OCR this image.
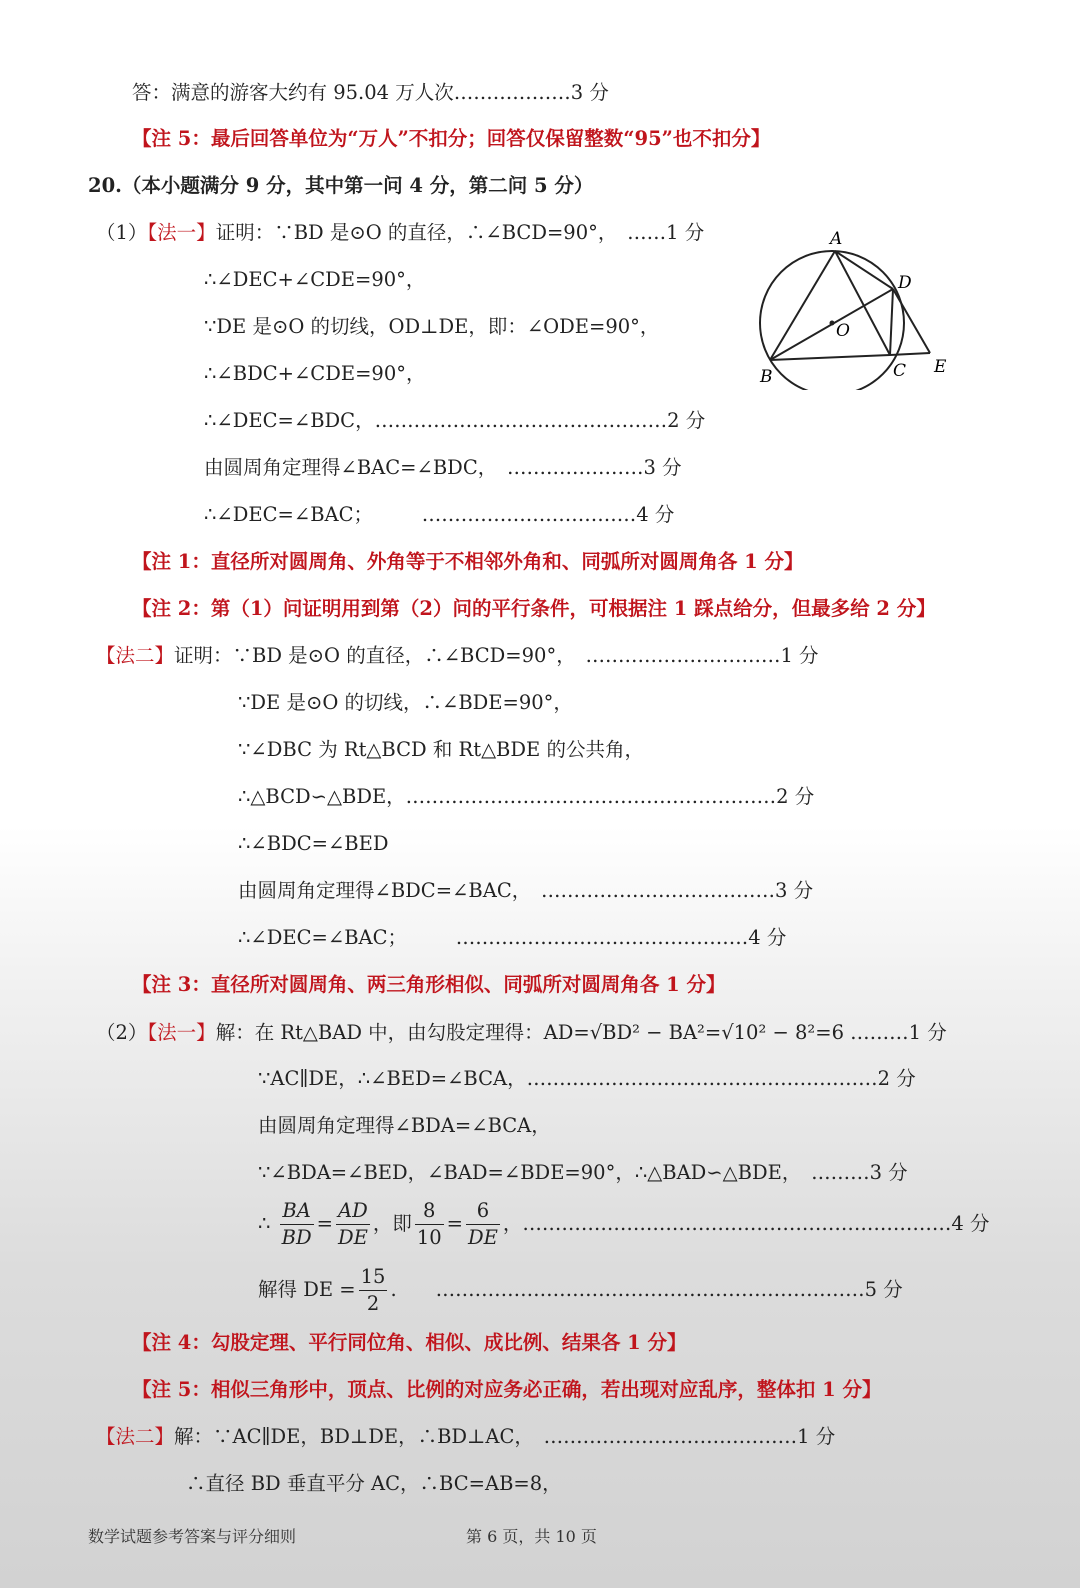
答：满意的游客大约有 95.04 万人次………………3 分
【注 5：最后回答单位为“万人”不扣分；回答仅保留整数“95”也不扣分】
20.（本小题满分 9 分，其中第一问 4 分，第二问 5 分）
（1）【法一】证明：∵BD 是⊙O 的直径，∴∠BCD=90°，　……1 分
∴∠DEC+∠CDE=90°，
∵DE 是⊙O 的切线，OD⊥DE，即：∠ODE=90°，
∴∠BDC+∠CDE=90°，
∴∠DEC=∠BDC，………………………………………2 分
由圆周角定理得∠BAC=∠BDC，　…………………3 分
∴∠DEC=∠BAC；　　　……………………………4 分
A
D
O
B	C E
【注 1：直径所对圆周角、外角等于不相邻外角和、同弧所对圆周角各 1 分】
【注 2：第（1）问证明用到第（2）问的平行条件，可根据注 1 踩点给分，但最多给 2 分】
【法二】证明：∵BD 是⊙O 的直径，∴∠BCD=90°，　…………………………1 分
∵DE 是⊙O 的切线，∴∠BDE=90°，
∵∠DBC 为 Rt△BCD 和 Rt△BDE 的公共角，
∴△BCD∽△BDE，…………………………………………………2 分
∴∠BDC=∠BED
由圆周角定理得∠BDC=∠BAC，　………………………………3 分
∴∠DEC=∠BAC；　　　………………………………………4 分
【注 3：直径所对圆周角、两三角形相似、同弧所对圆周角各 1 分】
（2）【法一】解：在 Rt△BAD 中，由勾股定理得：AD=√BD² − BA²=√10² − 8²=6 ………1 分
∵AC∥DE，∴∠BED=∠BCA，………………………………………………2 分
由圆周角定理得∠BDA=∠BCA，
∵∠BDA=∠BED，∠BAD=∠BDE=90°，∴△BAD∽△BDE，　………3 分
∴ $\frac{BA}{BD} = \frac{AD}{DE}$ ，即 $\frac{8}{10} = \frac{6}{DE}$ ，…………………………………………………………4 分
解得 DE = $\frac{15}{2}$ .　　…………………………………………………………5 分
【注 4：勾股定理、平行同位角、相似、成比例、结果各 1 分】
【注 5：相似三角形中，顶点、比例的对应务必正确，若出现对应乱序，整体扣 1 分】
【法二】解：∵AC∥DE，BD⊥DE，∴BD⊥AC，　…………………………………1 分
∴直径 BD 垂直平分 AC，∴BC=AB=8，
数学试题参考答案与评分细则	第 6 页，共 10 页
